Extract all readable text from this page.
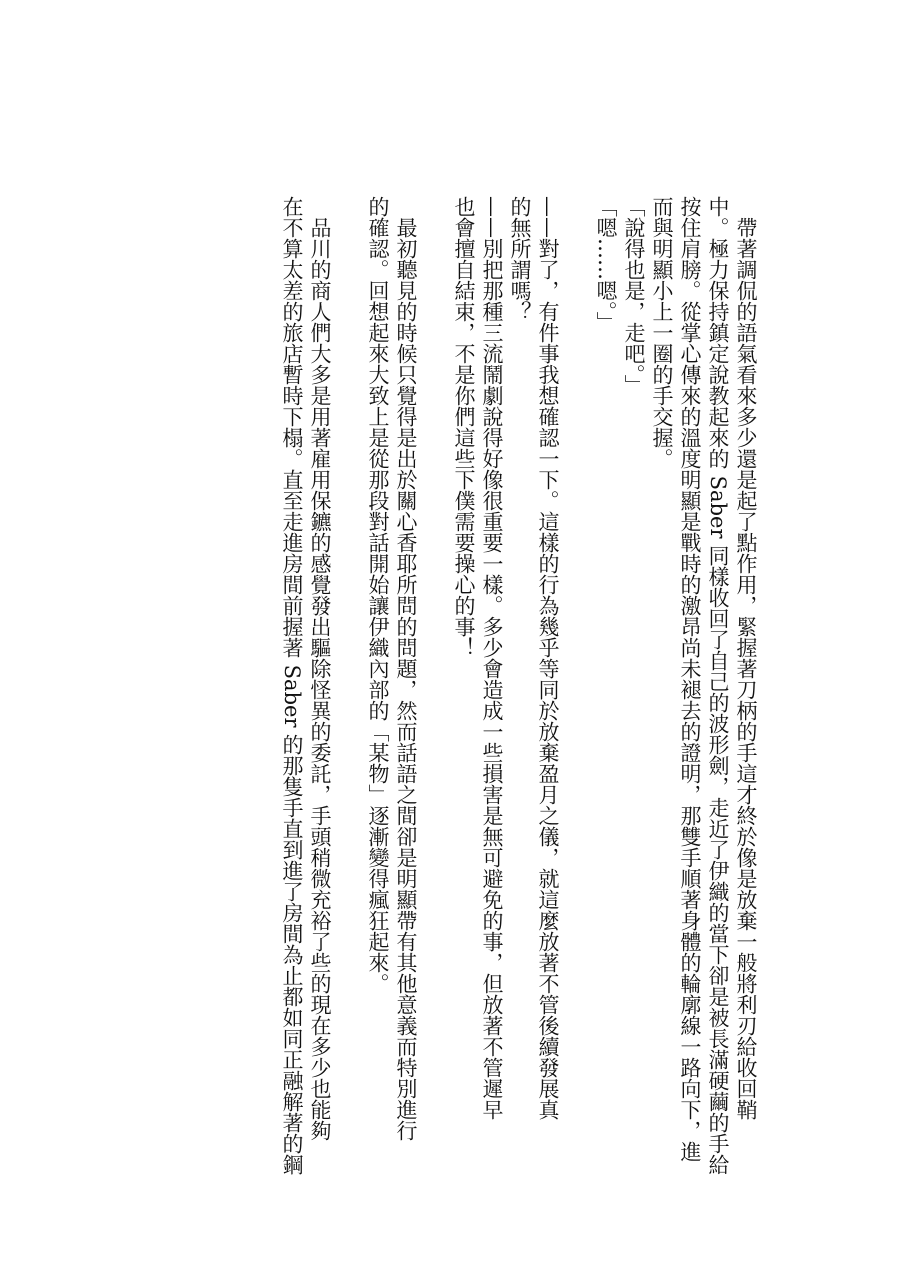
　帶著調侃的語氣看來多少還是起了點作用，緊握著刀柄的手這才終於像是放棄一般將利刃給收回鞘
中。極力保持鎮定說教起來的 Saber 同樣收回了自己的波形劍，走近了伊織的當下卻是被長滿硬繭的手給
按住肩膀。從掌心傳來的溫度明顯是戰時的激昂尚未褪去的證明，那雙手順著身體的輪廓線一路向下，進
而與明顯小上一圈的手交握。
「說得也是，走吧。」
「嗯……嗯。」
——對了，有件事我想確認一下。這樣的行為幾乎等同於放棄盈月之儀，就這麼放著不管後續發展真
的無所謂嗎？
——別把那種三流鬧劇說得好像很重要一樣。多少會造成一些損害是無可避免的事，但放著不管遲早
也會擅自結束，不是你們這些下僕需要操心的事！
　最初聽見的時候只覺得是出於關心香耶所問的問題，然而話語之間卻是明顯帶有其他意義而特別進行
的確認。回想起來大致上是從那段對話開始讓伊織內部的「某物」逐漸變得瘋狂起來。
　品川的商人們大多是用著雇用保鑣的感覺發出驅除怪異的委託，手頭稍微充裕了些的現在多少也能夠
在不算太差的旅店暫時下榻。直至走進房間前握著 Saber 的那隻手直到進了房間為止都如同正融解著的鋼
